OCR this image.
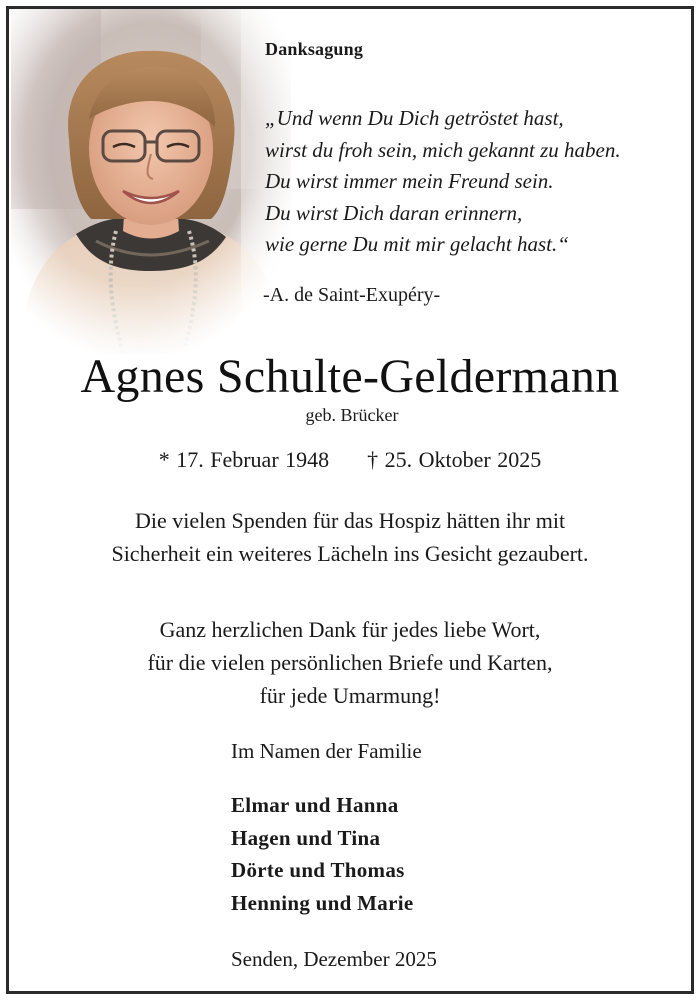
Danksagung
„Und wenn Du Dich getröstet hast,
wirst du froh sein, mich gekannt zu haben.
Du wirst immer mein Freund sein.
Du wirst Dich daran erinnern,
wie gerne Du mit mir gelacht hast.“
-A. de Saint-Exupéry-
Agnes Schulte-Geldermann
geb. Brücker
* 17. Februar 1948 † 25. Oktober 2025
Die vielen Spenden für das Hospiz hätten ihr mit
Sicherheit ein weiteres Lächeln ins Gesicht gezaubert.
Ganz herzlichen Dank für jedes liebe Wort,
für die vielen persönlichen Briefe und Karten,
für jede Umarmung!
Im Namen der Familie
Elmar und Hanna
Hagen und Tina
Dörte und Thomas
Henning und Marie
Senden, Dezember 2025
